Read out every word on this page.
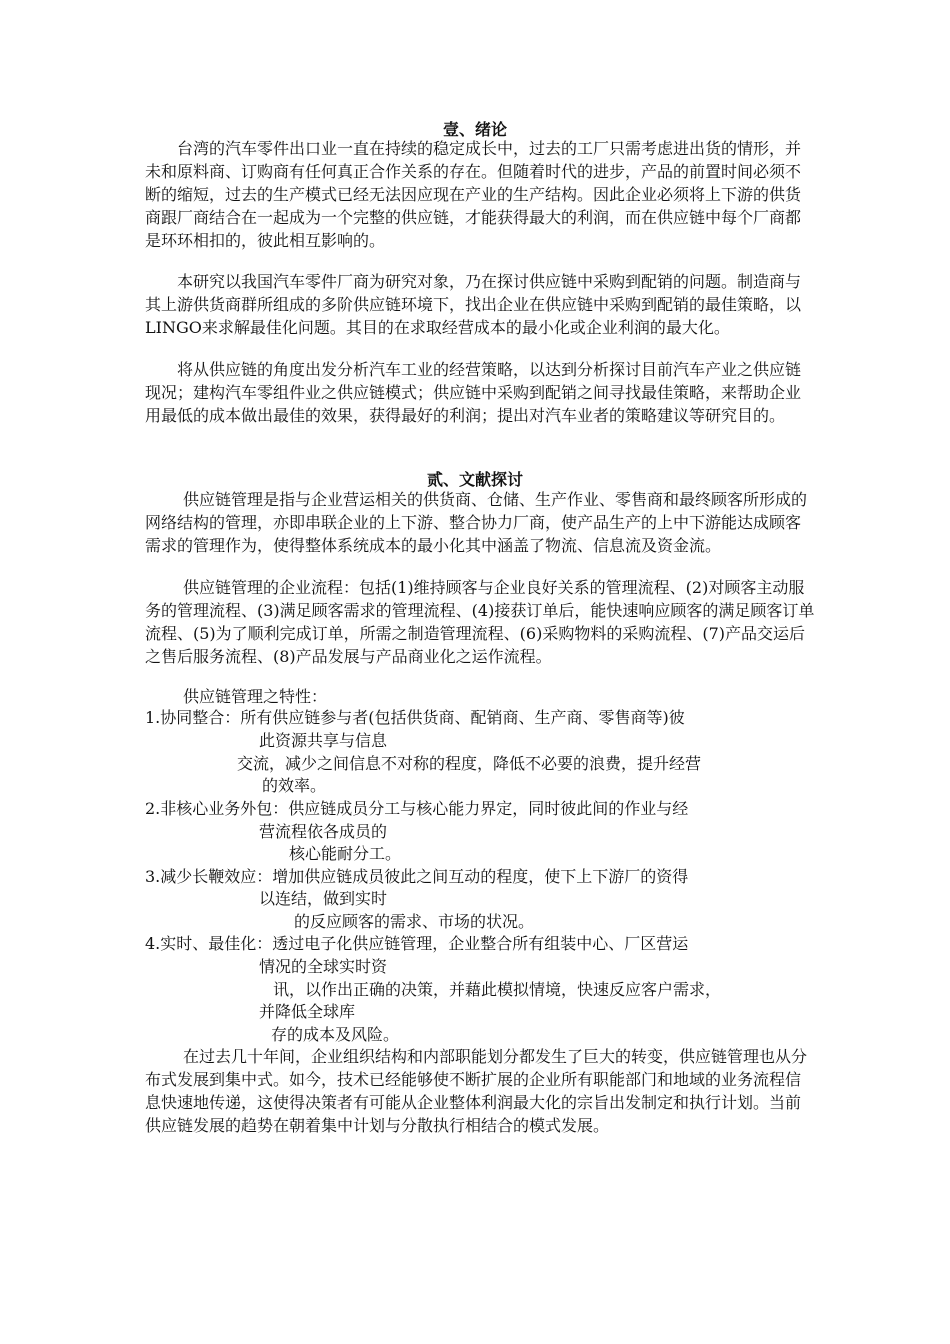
壹、绪论

台湾的汽车零件出口业一直在持续的稳定成长中，过去的工厂只需考虑进出货的情形，并未和原料商、订购商有任何真正合作关系的存在。但随着时代的进步，产品的前置时间必须不断的缩短，过去的生产模式已经无法因应现在产业的生产结构。因此企业必须将上下游的供货商跟厂商结合在一起成为一个完整的供应链，才能获得最大的利润，而在供应链中每个厂商都是环环相扣的，彼此相互影响的。

本研究以我国汽车零件厂商为研究对象，乃在探讨供应链中采购到配销的问题。制造商与其上游供货商群所组成的多阶供应链环境下，找出企业在供应链中采购到配销的最佳策略，以LINGO来求解最佳化问题。其目的在求取经营成本的最小化或企业利润的最大化。

将从供应链的角度出发分析汽车工业的经营策略，以达到分析探讨目前汽车产业之供应链现况；建构汽车零组件业之供应链模式；供应链中采购到配销之间寻找最佳策略，来帮助企业用最低的成本做出最佳的效果，获得最好的利润；提出对汽车业者的策略建议等研究目的。

贰、文献探讨

供应链管理是指与企业营运相关的供货商、仓储、生产作业、零售商和最终顾客所形成的网络结构的管理，亦即串联企业的上下游、整合协力厂商，使产品生产的上中下游能达成顾客需求的管理作为，使得整体系统成本的最小化其中涵盖了物流、信息流及资金流。

供应链管理的企业流程：包括(1)维持顾客与企业良好关系的管理流程、(2)对顾客主动服务的管理流程、(3)满足顾客需求的管理流程、(4)接获订单后，能快速响应顾客的满足顾客订单流程、(5)为了顺利完成订单，所需之制造管理流程、(6)采购物料的采购流程、(7)产品交运后之售后服务流程、(8)产品发展与产品商业化之运作流程。

供应链管理之特性：

1.协同整合：所有供应链参与者(包括供货商、配销商、生产商、零售商等)彼
此资源共享与信息
交流，减少之间信息不对称的程度，降低不必要的浪费，提升经营
的效率。
2.非核心业务外包：供应链成员分工与核心能力界定，同时彼此间的作业与经
营流程依各成员的
核心能耐分工。
3.减少长鞭效应：增加供应链成员彼此之间互动的程度，使下上下游厂的资得
以连结，做到实时
的反应顾客的需求、市场的状况。
4.实时、最佳化：透过电子化供应链管理，企业整合所有组装中心、厂区营运
情况的全球实时资
讯，以作出正确的决策，并藉此模拟情境，快速反应客户需求，
并降低全球库
存的成本及风险。

在过去几十年间，企业组织结构和内部职能划分都发生了巨大的转变，供应链管理也从分布式发展到集中式。如今，技术已经能够使不断扩展的企业所有职能部门和地域的业务流程信息快速地传递，这使得决策者有可能从企业整体利润最大化的宗旨出发制定和执行计划。当前供应链发展的趋势在朝着集中计划与分散执行相结合的模式发展。
